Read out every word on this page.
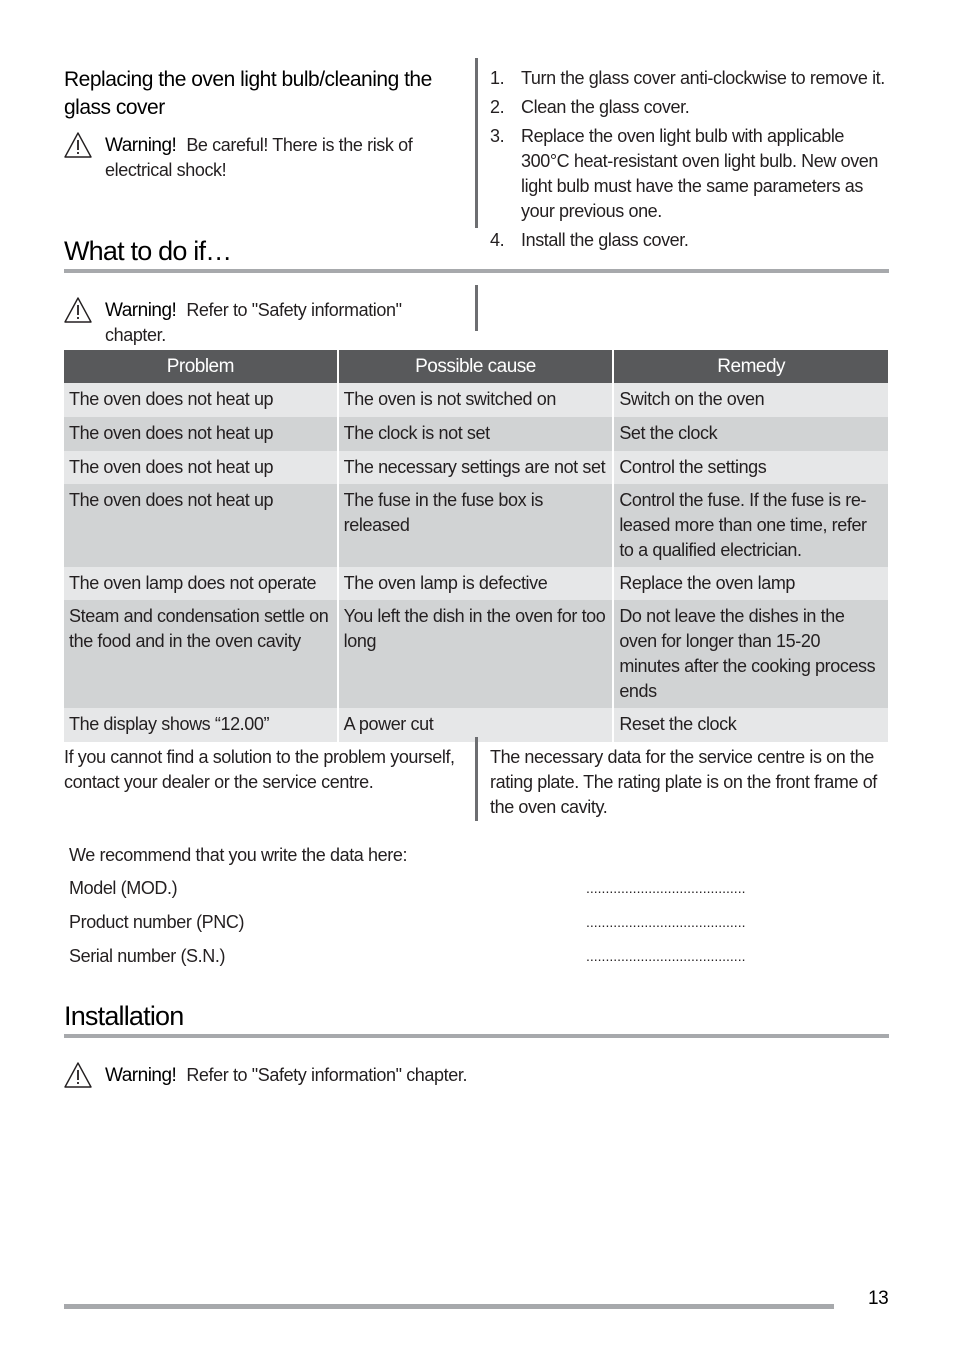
Replacing the oven light bulb/cleaning the glass cover
Warning! Be careful! There is the risk of electrical shock!
1. Turn the glass cover anti-clockwise to remove it.
2. Clean the glass cover.
3. Replace the oven light bulb with applicable 300°C heat-resistant oven light bulb. New oven light bulb must have the same parameters as your previous one.
4. Install the glass cover.
What to do if…
Warning! Refer to "Safety information" chapter.
Problem	Possible cause	Remedy
The oven does not heat up	The oven is not switched on	Switch on the oven
The oven does not heat up	The clock is not set	Set the clock
The oven does not heat up	The necessary settings are not set	Control the settings
The oven does not heat up	The fuse in the fuse box is released	Control the fuse. If the fuse is re-leased more than one time, refer to a qualified electrician.
The oven lamp does not operate	The oven lamp is defective	Replace the oven lamp
Steam and condensation settle on the food and in the oven cavity	You left the dish in the oven for too long	Do not leave the dishes in the oven for longer than 15-20 minutes after the cooking process ends
The display shows “12.00”	A power cut	Reset the clock
If you cannot find a solution to the problem yourself, contact your dealer or the service centre.
The necessary data for the service centre is on the rating plate. The rating plate is on the front frame of the oven cavity.
We recommend that you write the data here:
Model (MOD.)	.........................................
Product number (PNC)	.........................................
Serial number (S.N.)	.........................................
Installation
Warning! Refer to "Safety information" chapter.
13
